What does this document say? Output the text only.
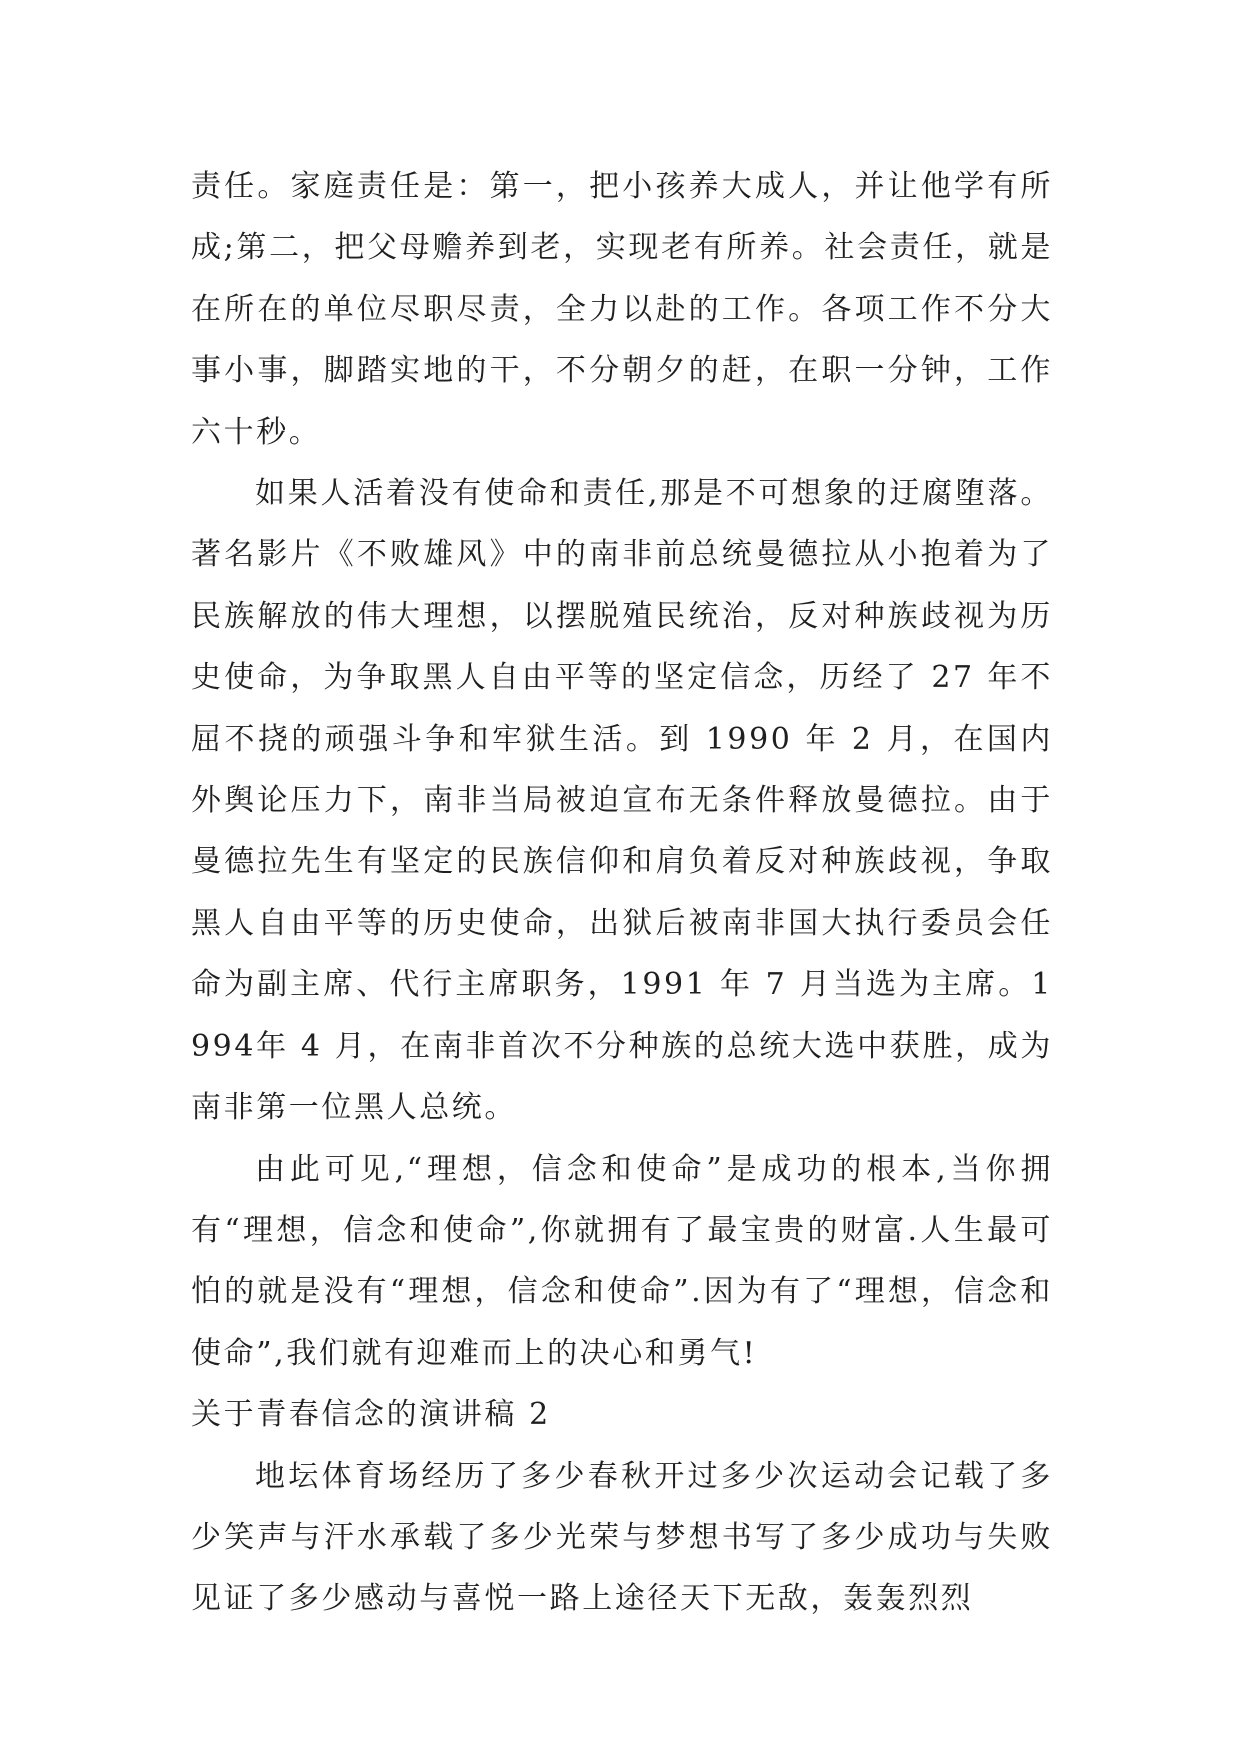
责任。家庭责任是：第一，把小孩养大成人，并让他学有所成;第二，把父母赡养到老，实现老有所养。社会责任，就是在所在的单位尽职尽责，全力以赴的工作。各项工作不分大事小事，脚踏实地的干，不分朝夕的赶，在职一分钟，工作六十秒。

如果人活着没有使命和责任,那是不可想象的迂腐堕落。著名影片《不败雄风》中的南非前总统曼德拉从小抱着为了民族解放的伟大理想，以摆脱殖民统治，反对种族歧视为历史使命，为争取黑人自由平等的坚定信念，历经了 27 年不屈不挠的顽强斗争和牢狱生活。到 1990 年 2 月，在国内外舆论压力下，南非当局被迫宣布无条件释放曼德拉。由于曼德拉先生有坚定的民族信仰和肩负着反对种族歧视，争取黑人自由平等的历史使命，出狱后被南非国大执行委员会任命为副主席、代行主席职务，1991 年 7 月当选为主席。1994年 4 月，在南非首次不分种族的总统大选中获胜，成为南非第一位黑人总统。

由此可见,“理想，信念和使命”是成功的根本,当你拥有“理想，信念和使命”,你就拥有了最宝贵的财富.人生最可怕的就是没有“理想，信念和使命”.因为有了“理想，信念和使命”,我们就有迎难而上的决心和勇气!

关于青春信念的演讲稿 2

地坛体育场经历了多少春秋开过多少次运动会记载了多少笑声与汗水承载了多少光荣与梦想书写了多少成功与失败见证了多少感动与喜悦一路上途径天下无敌，轰轰烈烈
